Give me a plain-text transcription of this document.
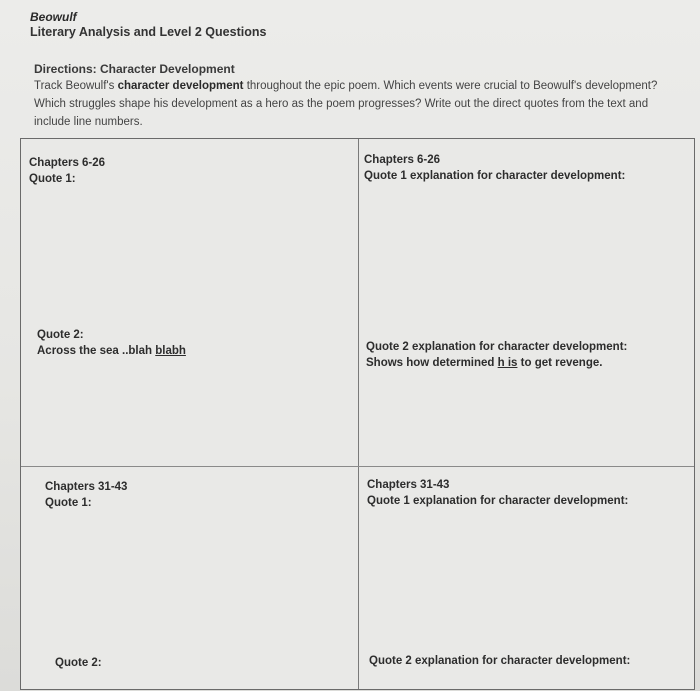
Beowulf
Literary Analysis and Level 2 Questions
Directions: Character Development
Track Beowulf's character development throughout the epic poem. Which events were crucial to Beowulf's development? Which struggles shape his development as a hero as the poem progresses? Write out the direct quotes from the text and include line numbers.
Chapters 6-26
Quote 1:
Chapters 6-26
Quote 1 explanation for character development:
Quote 2:
Across the sea ..blah blabh	Quote 2 explanation for character development:
Shows how determined h is to get revenge.
Chapters 31-43
Quote 1:
Chapters 31-43
Quote 1 explanation for character development:
Quote 2:	Quote 2 explanation for character development:
